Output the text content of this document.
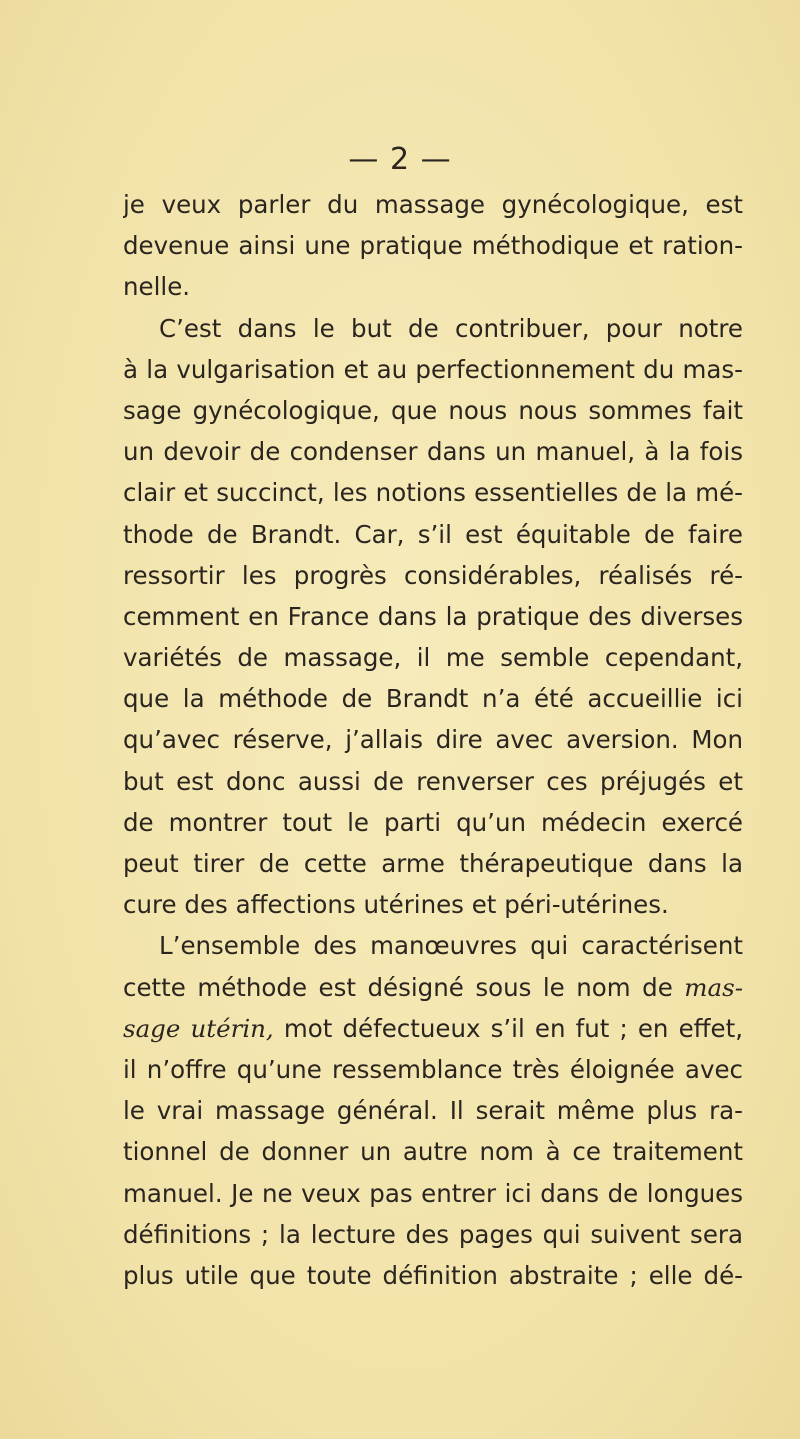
— 2 —
je veux parler du massage gynécologique, est
devenue ainsi une pratique méthodique et ration-
nelle.
C’est dans le but de contribuer, pour notre
à la vulgarisation et au perfectionnement du mas-
sage gynécologique, que nous nous sommes fait
un devoir de condenser dans un manuel, à la fois
clair et succinct, les notions essentielles de la mé-
thode de Brandt. Car, s’il est équitable de faire
ressortir les progrès considérables, réalisés ré-
cemment en France dans la pratique des diverses
variétés de massage, il me semble cependant,
que la méthode de Brandt n’a été accueillie ici
qu’avec réserve, j’allais dire avec aversion. Mon
but est donc aussi de renverser ces préjugés et
de montrer tout le parti qu’un médecin exercé
peut tirer de cette arme thérapeutique dans la
cure des affections utérines et péri-utérines.
L’ensemble des manœuvres qui caractérisent
cette méthode est désigné sous le nom de mas-
sage utérin, mot défectueux s’il en fut ; en effet,
il n’offre qu’une ressemblance très éloignée avec
le vrai massage général. Il serait même plus ra-
tionnel de donner un autre nom à ce traitement
manuel. Je ne veux pas entrer ici dans de longues
définitions ; la lecture des pages qui suivent sera
plus utile que toute définition abstraite ; elle dé-
